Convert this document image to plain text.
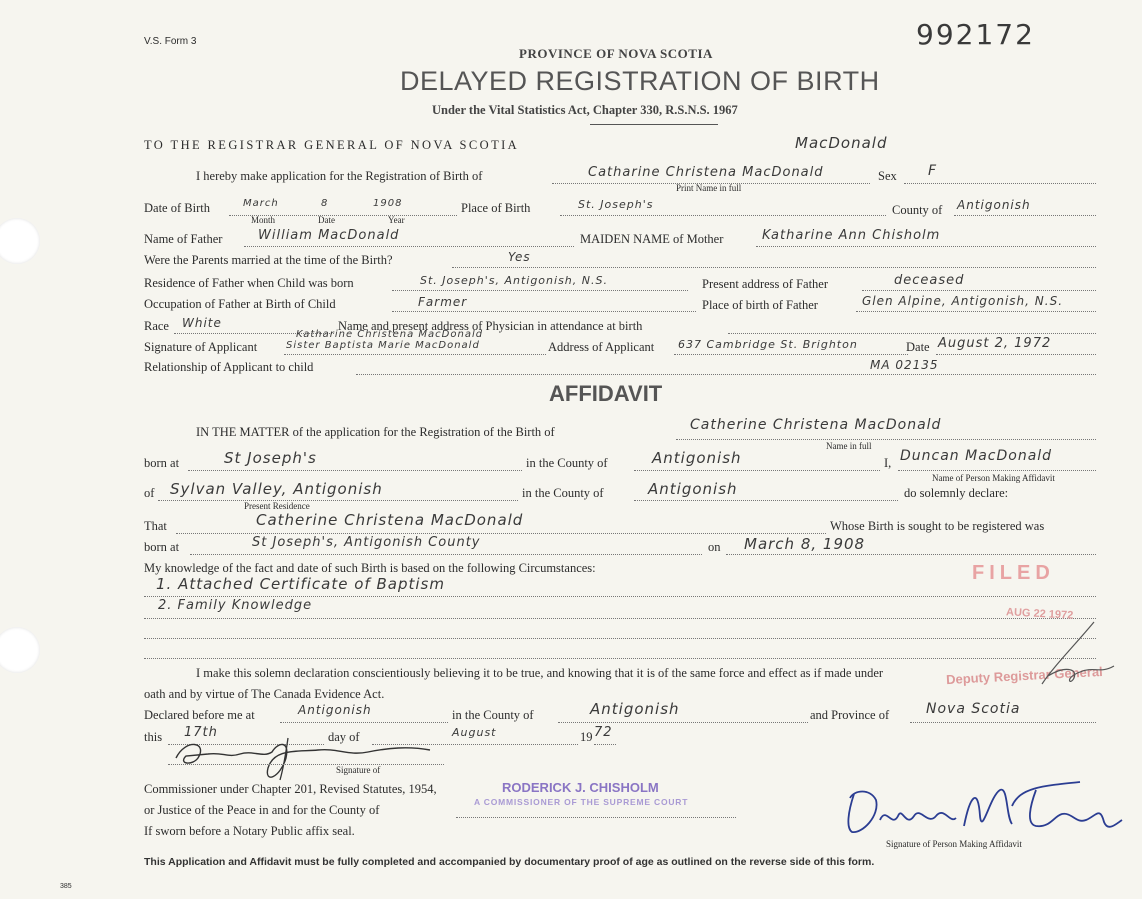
V.S. Form 3	992172
PROVINCE OF NOVA SCOTIA
DELAYED REGISTRATION OF BIRTH
Under the Vital Statistics Act, Chapter 330, R.S.N.S. 1967
TO THE REGISTRAR GENERAL OF NOVA SCOTIA	MacDonald
I hereby make application for the Registration of Birth of	Catharine Christena MacDonald
Print Name in full
Sex F
Date of Birth	March	8	1908
Month	Date	Year
Place of Birth	St. Joseph's	County of Antigonish
Name of Father	William MacDonald	MAIDEN NAME of Mother	Katharine Ann Chisholm
Were the Parents married at the time of the Birth?	Yes
Residence of Father when Child was born	St. Joseph's, Antigonish, N.S.	Present address of Father	deceased
Occupation of Father at Birth of Child	Farmer	Place of birth of Father	Glen Alpine, Antigonish, N.S.
Race White	Name and present address of Physician in attendance at birth
Katharine Christena MacDonald
Signature of Applicant	Sister Baptista Marie MacDonald	Address of Applicant 637 Cambridge St. Brighton	Date August 2, 1972
Relationship of Applicant to child	MA 02135
AFFIDAVIT
IN THE MATTER of the application for the Registration of the Birth of	Catherine Christena MacDonald
Name in full
born at	St Joseph's	in the County of	Antigonish	I, Duncan MacDonald
Name of Person Making Affidavit
of Sylvan Valley, Antigonish
Present Residence
in the County of	Antigonish	do solemnly declare:
That	Catherine Christena MacDonald	Whose Birth is sought to be registered was
born at	St Joseph's, Antigonish County	on March 8, 1908
My knowledge of the fact and date of such Birth is based on the following Circumstances:
1. Attached Certificate of Baptism
2. Family Knowledge
I make this solemn declaration conscientiously believing it to be true, and knowing that it is of the same force and effect as if made under
oath and by virtue of The Canada Evidence Act.
Declared before me at	Antigonish	in the County of	Antigonish	and Province of	Nova Scotia
this 17th	day of	August	19 72
Signature of
Commissioner under Chapter 201, Revised Statutes, 1954,
or Justice of the Peace in and for the County of
If sworn before a Notary Public affix seal.
RODERICK J. CHISHOLM
A COMMISSIONER OF THE SUPREME COURT
FILED
AUG 22 1972
Deputy Registrar General
Signature of Person Making Affidavit
This Application and Affidavit must be fully completed and accompanied by documentary proof of age as outlined on the reverse side of this form.
385
